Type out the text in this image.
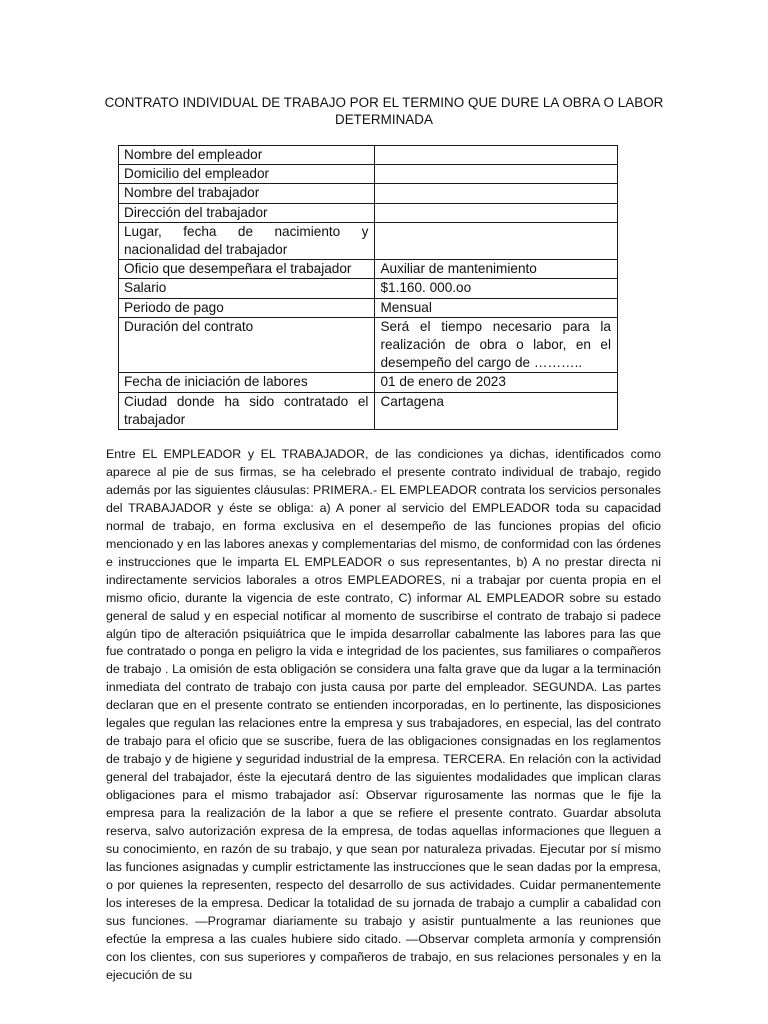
CONTRATO INDIVIDUAL DE TRABAJO POR EL TERMINO QUE DURE LA OBRA O LABOR
DETERMINADA
Nombre del empleador	
Domicilio del empleador	
Nombre del trabajador	
Dirección del trabajador	
Lugar, fecha de nacimiento y nacionalidad del trabajador	
Oficio que desempeñara el trabajador	Auxiliar de mantenimiento
Salario	$1.160. 000.oo
Periodo de pago	Mensual
Duración del contrato	Será el tiempo necesario para la realización de obra o labor, en el desempeño del cargo de ………..
Fecha de iniciación de labores	01 de enero de 2023
Ciudad donde ha sido contratado el trabajador	Cartagena

Entre EL EMPLEADOR y EL TRABAJADOR, de las condiciones ya dichas, identificados como aparece al pie de sus firmas, se ha celebrado el presente contrato individual de trabajo, regido además por las siguientes cláusulas: PRIMERA.- EL EMPLEADOR contrata los servicios personales del TRABAJADOR y éste se obliga: a) A poner al servicio del EMPLEADOR toda su capacidad normal de trabajo, en forma exclusiva en el desempeño de las funciones propias del oficio mencionado y en las labores anexas y complementarias del mismo, de conformidad con las órdenes e instrucciones que le imparta EL EMPLEADOR o sus representantes, b) A no prestar directa ni indirectamente servicios laborales a otros EMPLEADORES, ni a trabajar por cuenta propia en el mismo oficio, durante la vigencia de este contrato, C) informar AL EMPLEADOR sobre su estado general de salud y en especial notificar al momento de suscribirse el contrato de trabajo si padece algún tipo de alteración psiquiátrica que le impida desarrollar cabalmente las labores para las que fue contratado o ponga en peligro la vida e integridad de los pacientes, sus familiares o compañeros de trabajo . La omisión de esta obligación se considera una falta grave que da lugar a la terminación inmediata del contrato de trabajo con justa causa por parte del empleador. SEGUNDA. Las partes declaran que en el presente contrato se entienden incorporadas, en lo pertinente, las disposiciones legales que regulan las relaciones entre la empresa y sus trabajadores, en especial, las del contrato de trabajo para el oficio que se suscribe, fuera de las obligaciones consignadas en los reglamentos de trabajo y de higiene y seguridad industrial de la empresa. TERCERA. En relación con la actividad general del trabajador, éste la ejecutará dentro de las siguientes modalidades que implican claras obligaciones para el mismo trabajador así: Observar rigurosamente las normas que le fije la empresa para la realización de la labor a que se refiere el presente contrato. Guardar absoluta reserva, salvo autorización expresa de la empresa, de todas aquellas informaciones que lleguen a su conocimiento, en razón de su trabajo, y que sean por naturaleza privadas. Ejecutar por sí mismo las funciones asignadas y cumplir estrictamente las instrucciones que le sean dadas por la empresa, o por quienes la representen, respecto del desarrollo de sus actividades. Cuidar permanentemente los intereses de la empresa. Dedicar la totalidad de su jornada de trabajo a cumplir a cabalidad con sus funciones. —Programar diariamente su trabajo y asistir puntualmente a las reuniones que efectúe la empresa a las cuales hubiere sido citado. —Observar completa armonía y comprensión con los clientes, con sus superiores y compañeros de trabajo, en sus relaciones personales y en la ejecución de su
